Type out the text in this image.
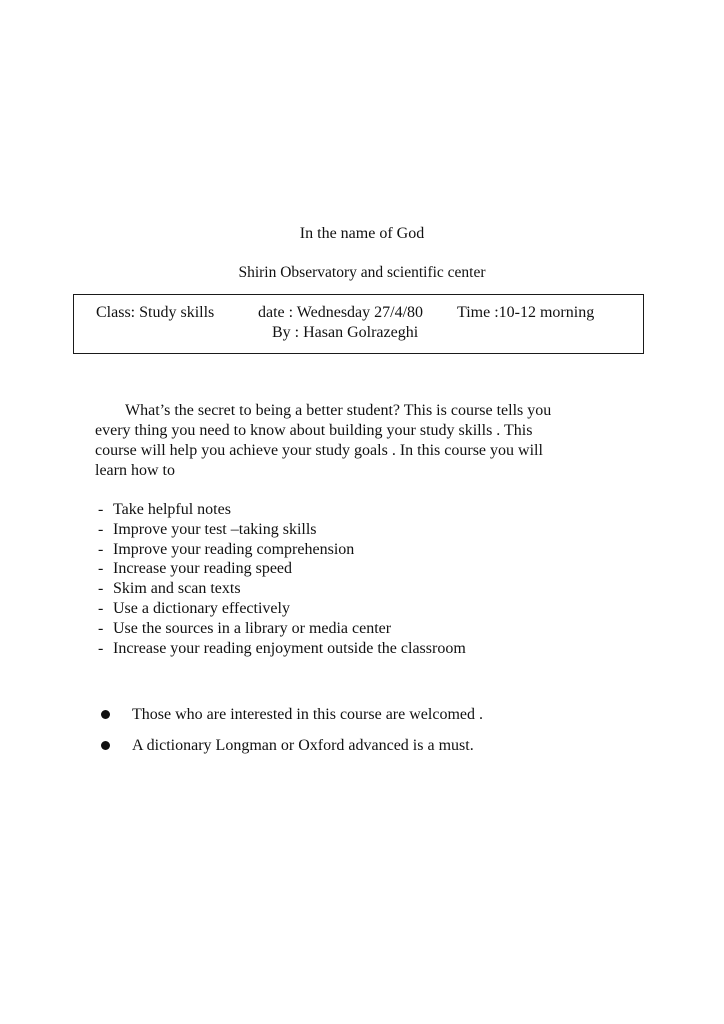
In the name of God
Shirin Observatory and scientific center
Class: Study skills	date : Wednesday 27/4/80 Time :10-12 morning
By : Hasan Golrazeghi

What’s the secret to being a better student? This is course tells you
every thing you need to know about building your study skills . This
course will help you achieve your study goals . In this course you will
learn how to

- Take helpful notes
- Improve your test –taking skills
- Improve your reading comprehension
- Increase your reading speed
- Skim and scan texts
- Use a dictionary effectively
- Use the sources in a library or media center
- Increase your reading enjoyment outside the classroom
Those who are interested in this course are welcomed .
A dictionary Longman or Oxford advanced is a must.
